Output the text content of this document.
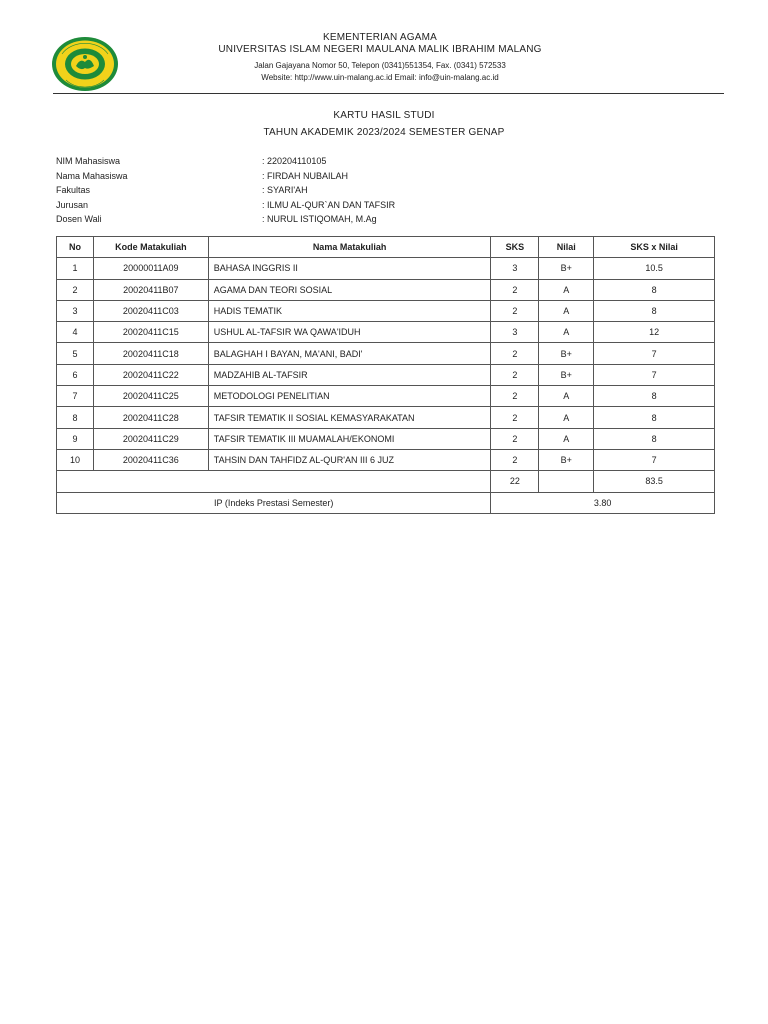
KEMENTERIAN AGAMA
UNIVERSITAS ISLAM NEGERI MAULANA MALIK IBRAHIM MALANG
Jalan Gajayana Nomor 50, Telepon (0341)551354, Fax. (0341) 572533
Website: http://www.uin-malang.ac.id Email: info@uin-malang.ac.id
KARTU HASIL STUDI
TAHUN AKADEMIK 2023/2024 SEMESTER GENAP
NIM Mahasiswa	: 220204110105
Nama Mahasiswa	: FIRDAH NUBAILAH
Fakultas	: SYARI'AH
Jurusan	: ILMU AL-QUR`AN DAN TAFSIR
Dosen Wali	: NURUL ISTIQOMAH, M.Ag
No	Kode Matakuliah	Nama Matakuliah	SKS	Nilai	SKS x Nilai
1	20000011A09	BAHASA INGGRIS II	3	B+	10.5
2	20020411B07	AGAMA DAN TEORI SOSIAL	2	A	8
3	20020411C03	HADIS TEMATIK	2	A	8
4	20020411C15	USHUL AL-TAFSIR WA QAWA'IDUH	3	A	12
5	20020411C18	BALAGHAH I BAYAN, MA'ANI, BADI'	2	B+	7
6	20020411C22	MADZAHIB AL-TAFSIR	2	B+	7
7	20020411C25	METODOLOGI PENELITIAN	2	A	8
8	20020411C28	TAFSIR TEMATIK II SOSIAL KEMASYARAKATAN	2	A	8
9	20020411C29	TAFSIR TEMATIK III MUAMALAH/EKONOMI	2	A	8
10	20020411C36	TAHSIN DAN TAHFIDZ AL-QUR'AN III 6 JUZ	2	B+	7
			22		83.5
IP (Indeks Prestasi Semester)			3.80		
